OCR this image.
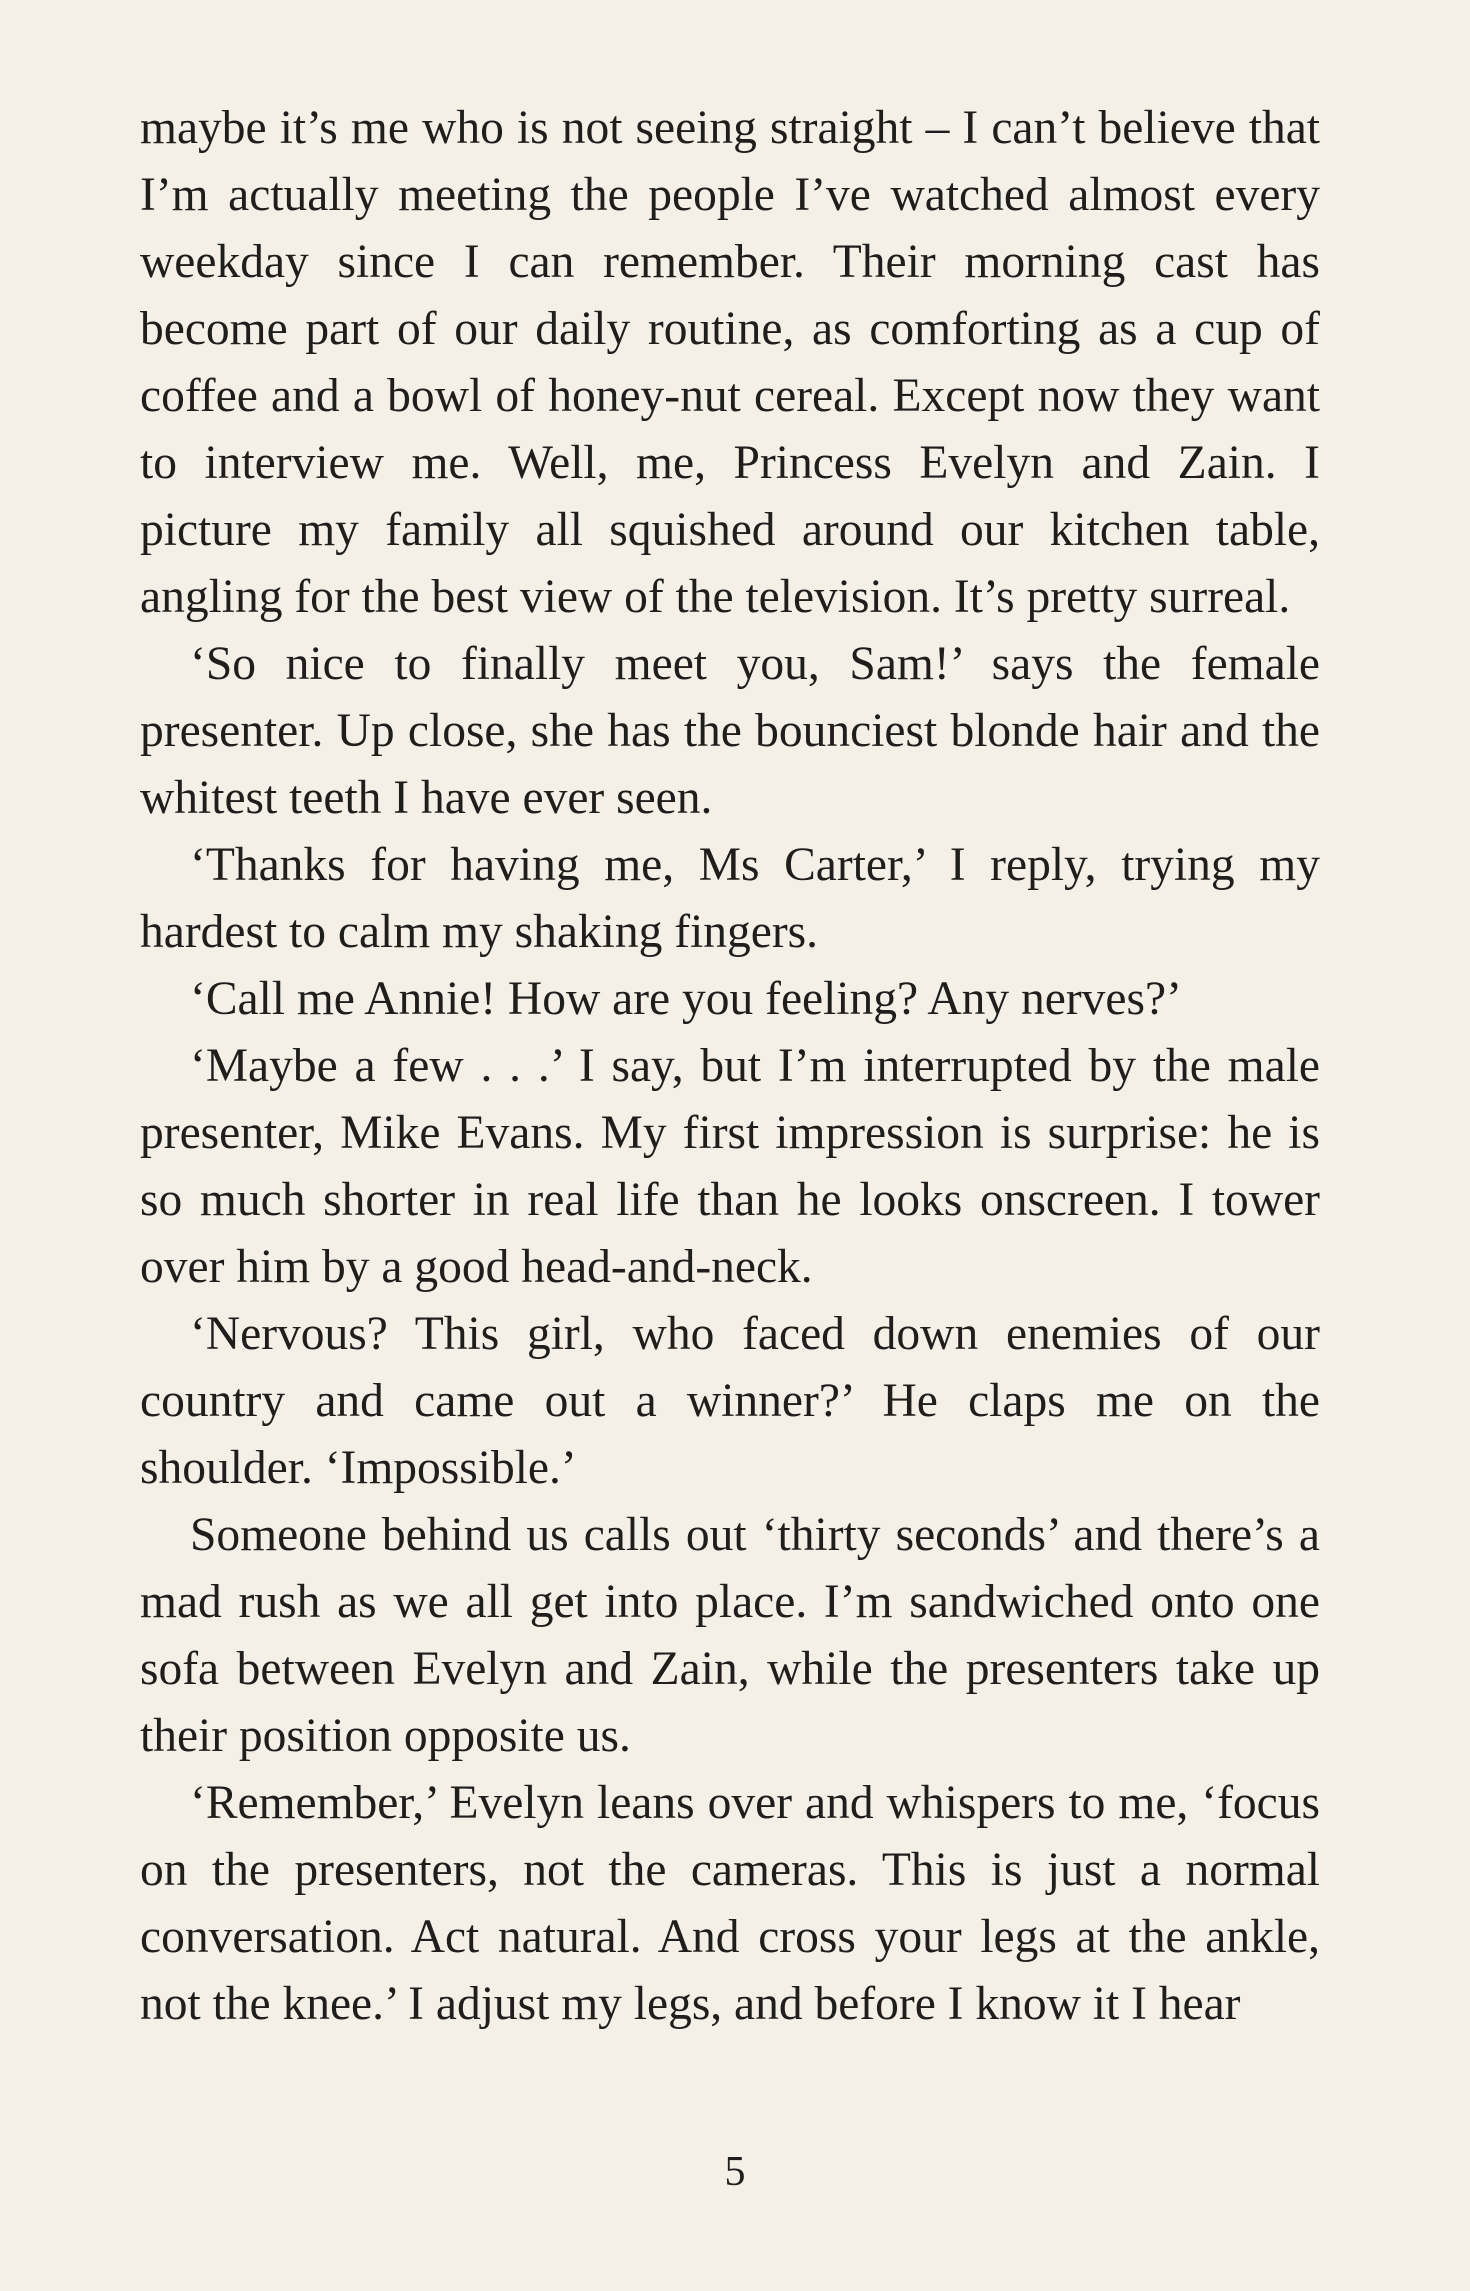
maybe it’s me who is not seeing straight – I can’t believe that I’m actually meeting the people I’ve watched almost every weekday since I can remember. Their morning cast has become part of our daily routine, as comforting as a cup of coffee and a bowl of honey-nut cereal. Except now they want to interview me. Well, me, Princess Evelyn and Zain. I picture my family all squished around our kitchen table, angling for the best view of the television. It’s pretty surreal.

‘So nice to finally meet you, Sam!’ says the female presenter. Up close, she has the bounciest blonde hair and the whitest teeth I have ever seen.

‘Thanks for having me, Ms Carter,’ I reply, trying my hardest to calm my shaking fingers.

‘Call me Annie! How are you feeling? Any nerves?’

‘Maybe a few . . .’ I say, but I’m interrupted by the male presenter, Mike Evans. My first impression is surprise: he is so much shorter in real life than he looks onscreen. I tower over him by a good head-and-neck.

‘Nervous? This girl, who faced down enemies of our country and came out a winner?’ He claps me on the shoulder. ‘Impossible.’

Someone behind us calls out ‘thirty seconds’ and there’s a mad rush as we all get into place. I’m sandwiched onto one sofa between Evelyn and Zain, while the presenters take up their position opposite us.

‘Remember,’ Evelyn leans over and whispers to me, ‘focus on the presenters, not the cameras. This is just a normal conversation. Act natural. And cross your legs at the ankle, not the knee.’ I adjust my legs, and before I know it I hear

5
